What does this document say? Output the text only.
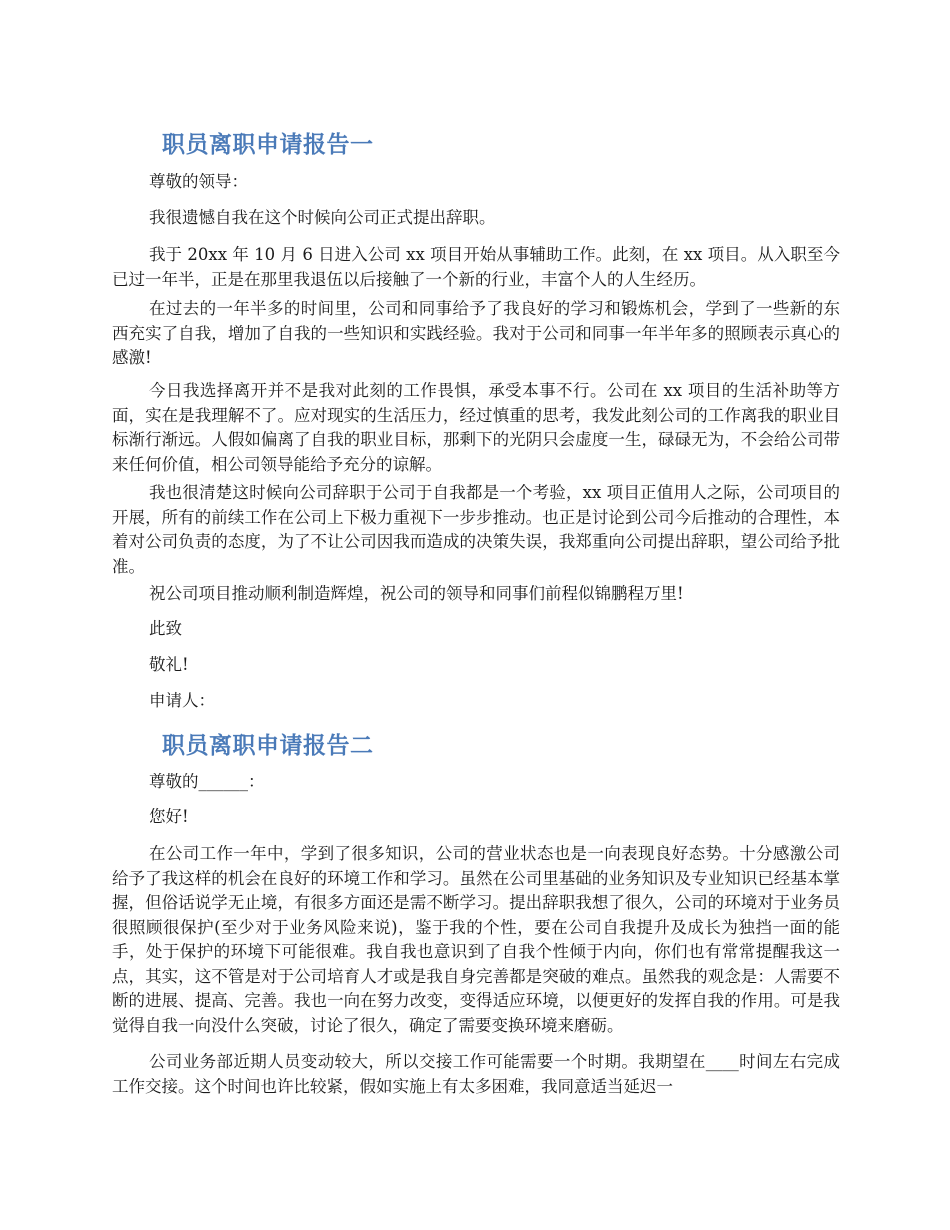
职员离职申请报告一
尊敬的领导：

我很遗憾自我在这个时候向公司正式提出辞职。

我于 20xx 年 10 月 6 日进入公司 xx 项目开始从事辅助工作。此刻，在 xx 项目。从入职至今已过一年半，正是在那里我退伍以后接触了一个新的行业，丰富个人的人生经历。

在过去的一年半多的时间里，公司和同事给予了我良好的学习和锻炼机会，学到了一些新的东西充实了自我，增加了自我的一些知识和实践经验。我对于公司和同事一年半年多的照顾表示真心的感激!

今日我选择离开并不是我对此刻的工作畏惧，承受本事不行。公司在 xx 项目的生活补助等方面，实在是我理解不了。应对现实的生活压力，经过慎重的思考，我发此刻公司的工作离我的职业目标渐行渐远。人假如偏离了自我的职业目标，那剩下的光阴只会虚度一生，碌碌无为，不会给公司带来任何价值，相公司领导能给予充分的谅解。

我也很清楚这时候向公司辞职于公司于自我都是一个考验，xx 项目正值用人之际，公司项目的开展，所有的前续工作在公司上下极力重视下一步步推动。也正是讨论到公司今后推动的合理性，本着对公司负责的态度，为了不让公司因我而造成的决策失误，我郑重向公司提出辞职，望公司给予批准。

祝公司项目推动顺利制造辉煌，祝公司的领导和同事们前程似锦鹏程万里!

此致
敬礼!
申请人：
职员离职申请报告二
尊敬的______：
您好!

在公司工作一年中，学到了很多知识，公司的营业状态也是一向表现良好态势。十分感激公司给予了我这样的机会在良好的环境工作和学习。虽然在公司里基础的业务知识及专业知识已经基本掌握，但俗话说学无止境，有很多方面还是需不断学习。提出辞职我想了很久，公司的环境对于业务员很照顾很保护(至少对于业务风险来说)，鉴于我的个性，要在公司自我提升及成长为独挡一面的能手，处于保护的环境下可能很难。我自我也意识到了自我个性倾于内向，你们也有常常提醒我这一点，其实，这不管是对于公司培育人才或是我自身完善都是突破的难点。虽然我的观念是：人需要不断的进展、提高、完善。我也一向在努力改变，变得适应环境，以便更好的发挥自我的作用。可是我觉得自我一向没什么突破，讨论了很久，确定了需要变换环境来磨砺。

公司业务部近期人员变动较大，所以交接工作可能需要一个时期。我期望在____时间左右完成工作交接。这个时间也许比较紧，假如实施上有太多困难，我同意适当延迟一
